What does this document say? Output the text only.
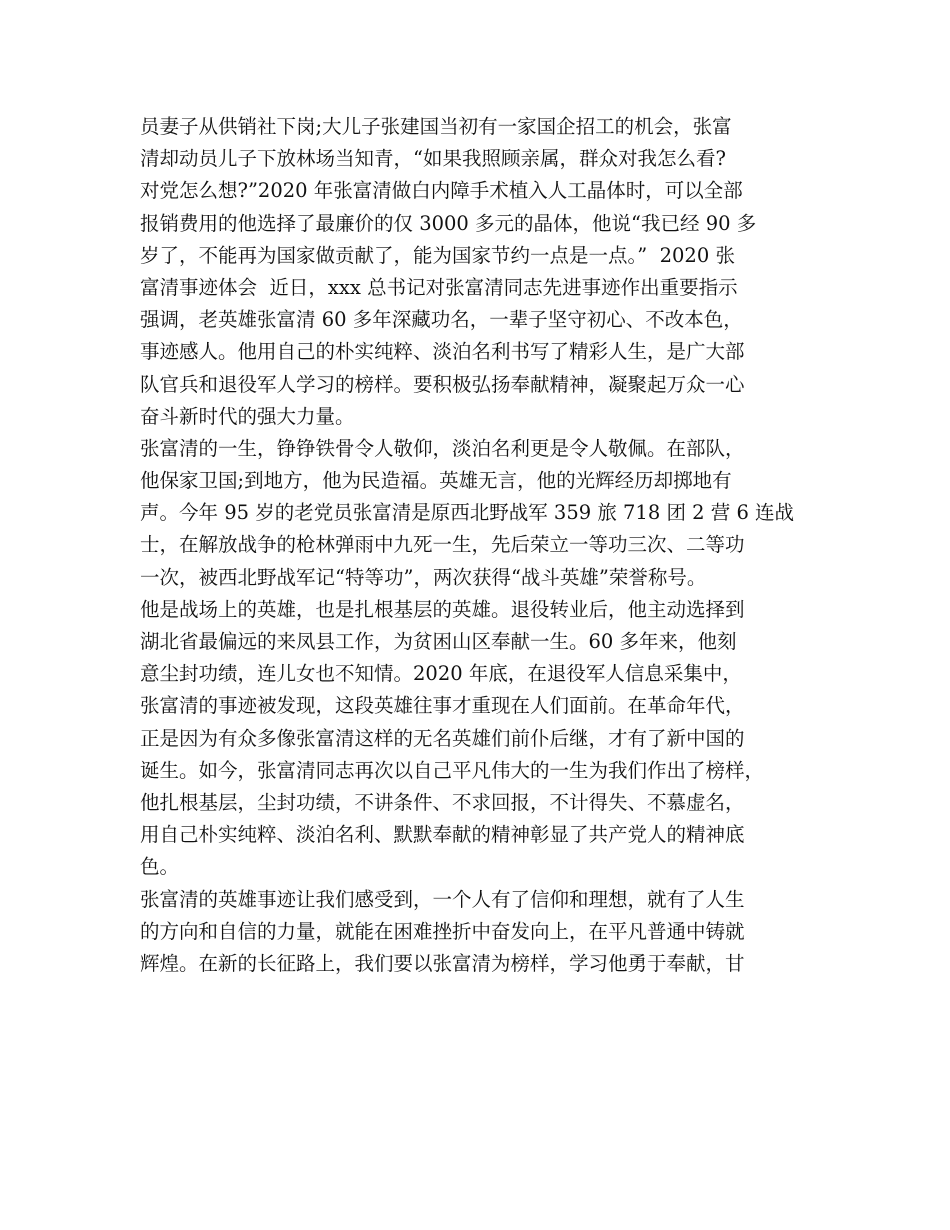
员妻子从供销社下岗;大儿子张建国当初有一家国企招工的机会，张富
清却动员儿子下放林场当知青，“如果我照顾亲属，群众对我怎么看?
对党怎么想?”2020 年张富清做白内障手术植入人工晶体时，可以全部
报销费用的他选择了最廉价的仅 3000 多元的晶体，他说“我已经 90 多
岁了，不能再为国家做贡献了，能为国家节约一点是一点。”  2020 张
富清事迹体会  近日，xxx 总书记对张富清同志先进事迹作出重要指示
强调，老英雄张富清 60 多年深藏功名，一辈子坚守初心、不改本色，
事迹感人。他用自己的朴实纯粹、淡泊名利书写了精彩人生，是广大部
队官兵和退役军人学习的榜样。要积极弘扬奉献精神，凝聚起万众一心
奋斗新时代的强大力量。
张富清的一生，铮铮铁骨令人敬仰，淡泊名利更是令人敬佩。在部队，
他保家卫国;到地方，他为民造福。英雄无言，他的光辉经历却掷地有
声。今年 95 岁的老党员张富清是原西北野战军 359 旅 718 团 2 营 6 连战
士，在解放战争的枪林弹雨中九死一生，先后荣立一等功三次、二等功
一次，被西北野战军记“特等功”，两次获得“战斗英雄”荣誉称号。
他是战场上的英雄，也是扎根基层的英雄。退役转业后，他主动选择到
湖北省最偏远的来凤县工作，为贫困山区奉献一生。60 多年来，他刻
意尘封功绩，连儿女也不知情。2020 年底，在退役军人信息采集中，
张富清的事迹被发现，这段英雄往事才重现在人们面前。在革命年代，
正是因为有众多像张富清这样的无名英雄们前仆后继，才有了新中国的
诞生。如今，张富清同志再次以自己平凡伟大的一生为我们作出了榜样，
他扎根基层，尘封功绩，不讲条件、不求回报，不计得失、不慕虚名，
用自己朴实纯粹、淡泊名利、默默奉献的精神彰显了共产党人的精神底
色。
张富清的英雄事迹让我们感受到，一个人有了信仰和理想，就有了人生
的方向和自信的力量，就能在困难挫折中奋发向上，在平凡普通中铸就
辉煌。在新的长征路上，我们要以张富清为榜样，学习他勇于奉献，甘
